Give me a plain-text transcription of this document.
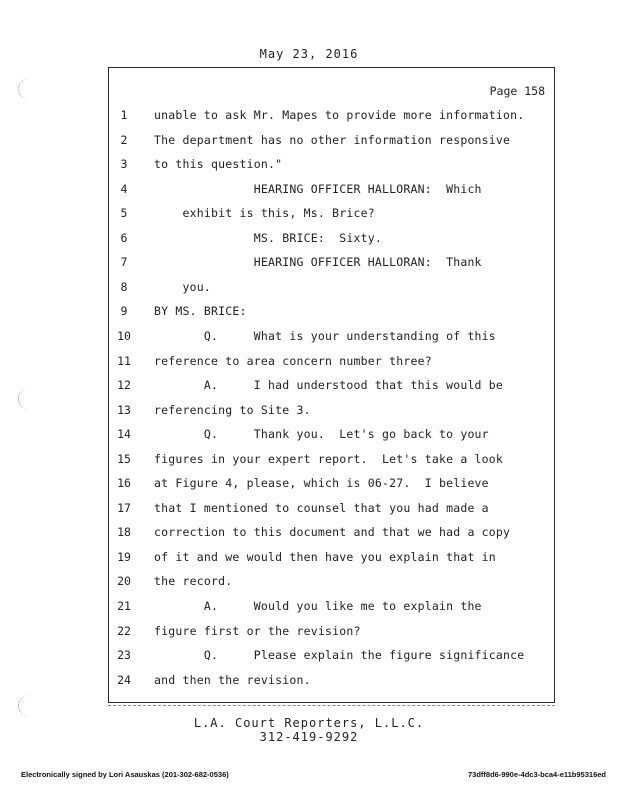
May 23, 2016
Page 158
1	unable to ask Mr. Mapes to provide more information.
2	The department has no other information responsive
3	to this question."
4	HEARING OFFICER HALLORAN:  Which
5	exhibit is this, Ms. Brice?
6	MS. BRICE:  Sixty.
7	HEARING OFFICER HALLORAN:  Thank
8	you.
9	BY MS. BRICE:
10	Q.     What is your understanding of this
11	reference to area concern number three?
12	A.     I had understood that this would be
13	referencing to Site 3.
14	Q.     Thank you.  Let's go back to your
15	figures in your expert report.  Let's take a look
16	at Figure 4, please, which is 06-27.  I believe
17	that I mentioned to counsel that you had made a
18	correction to this document and that we had a copy
19	of it and we would then have you explain that in
20	the record.
21	A.     Would you like me to explain the
22	figure first or the revision?
23	Q.     Please explain the figure significance
24	and then the revision.
L.A. Court Reporters, L.L.C.
312-419-9292
Electronically signed by Lori Asauskas (201-302-682-0536)	73dff8d6-990e-4dc3-bca4-e11b95316ed
